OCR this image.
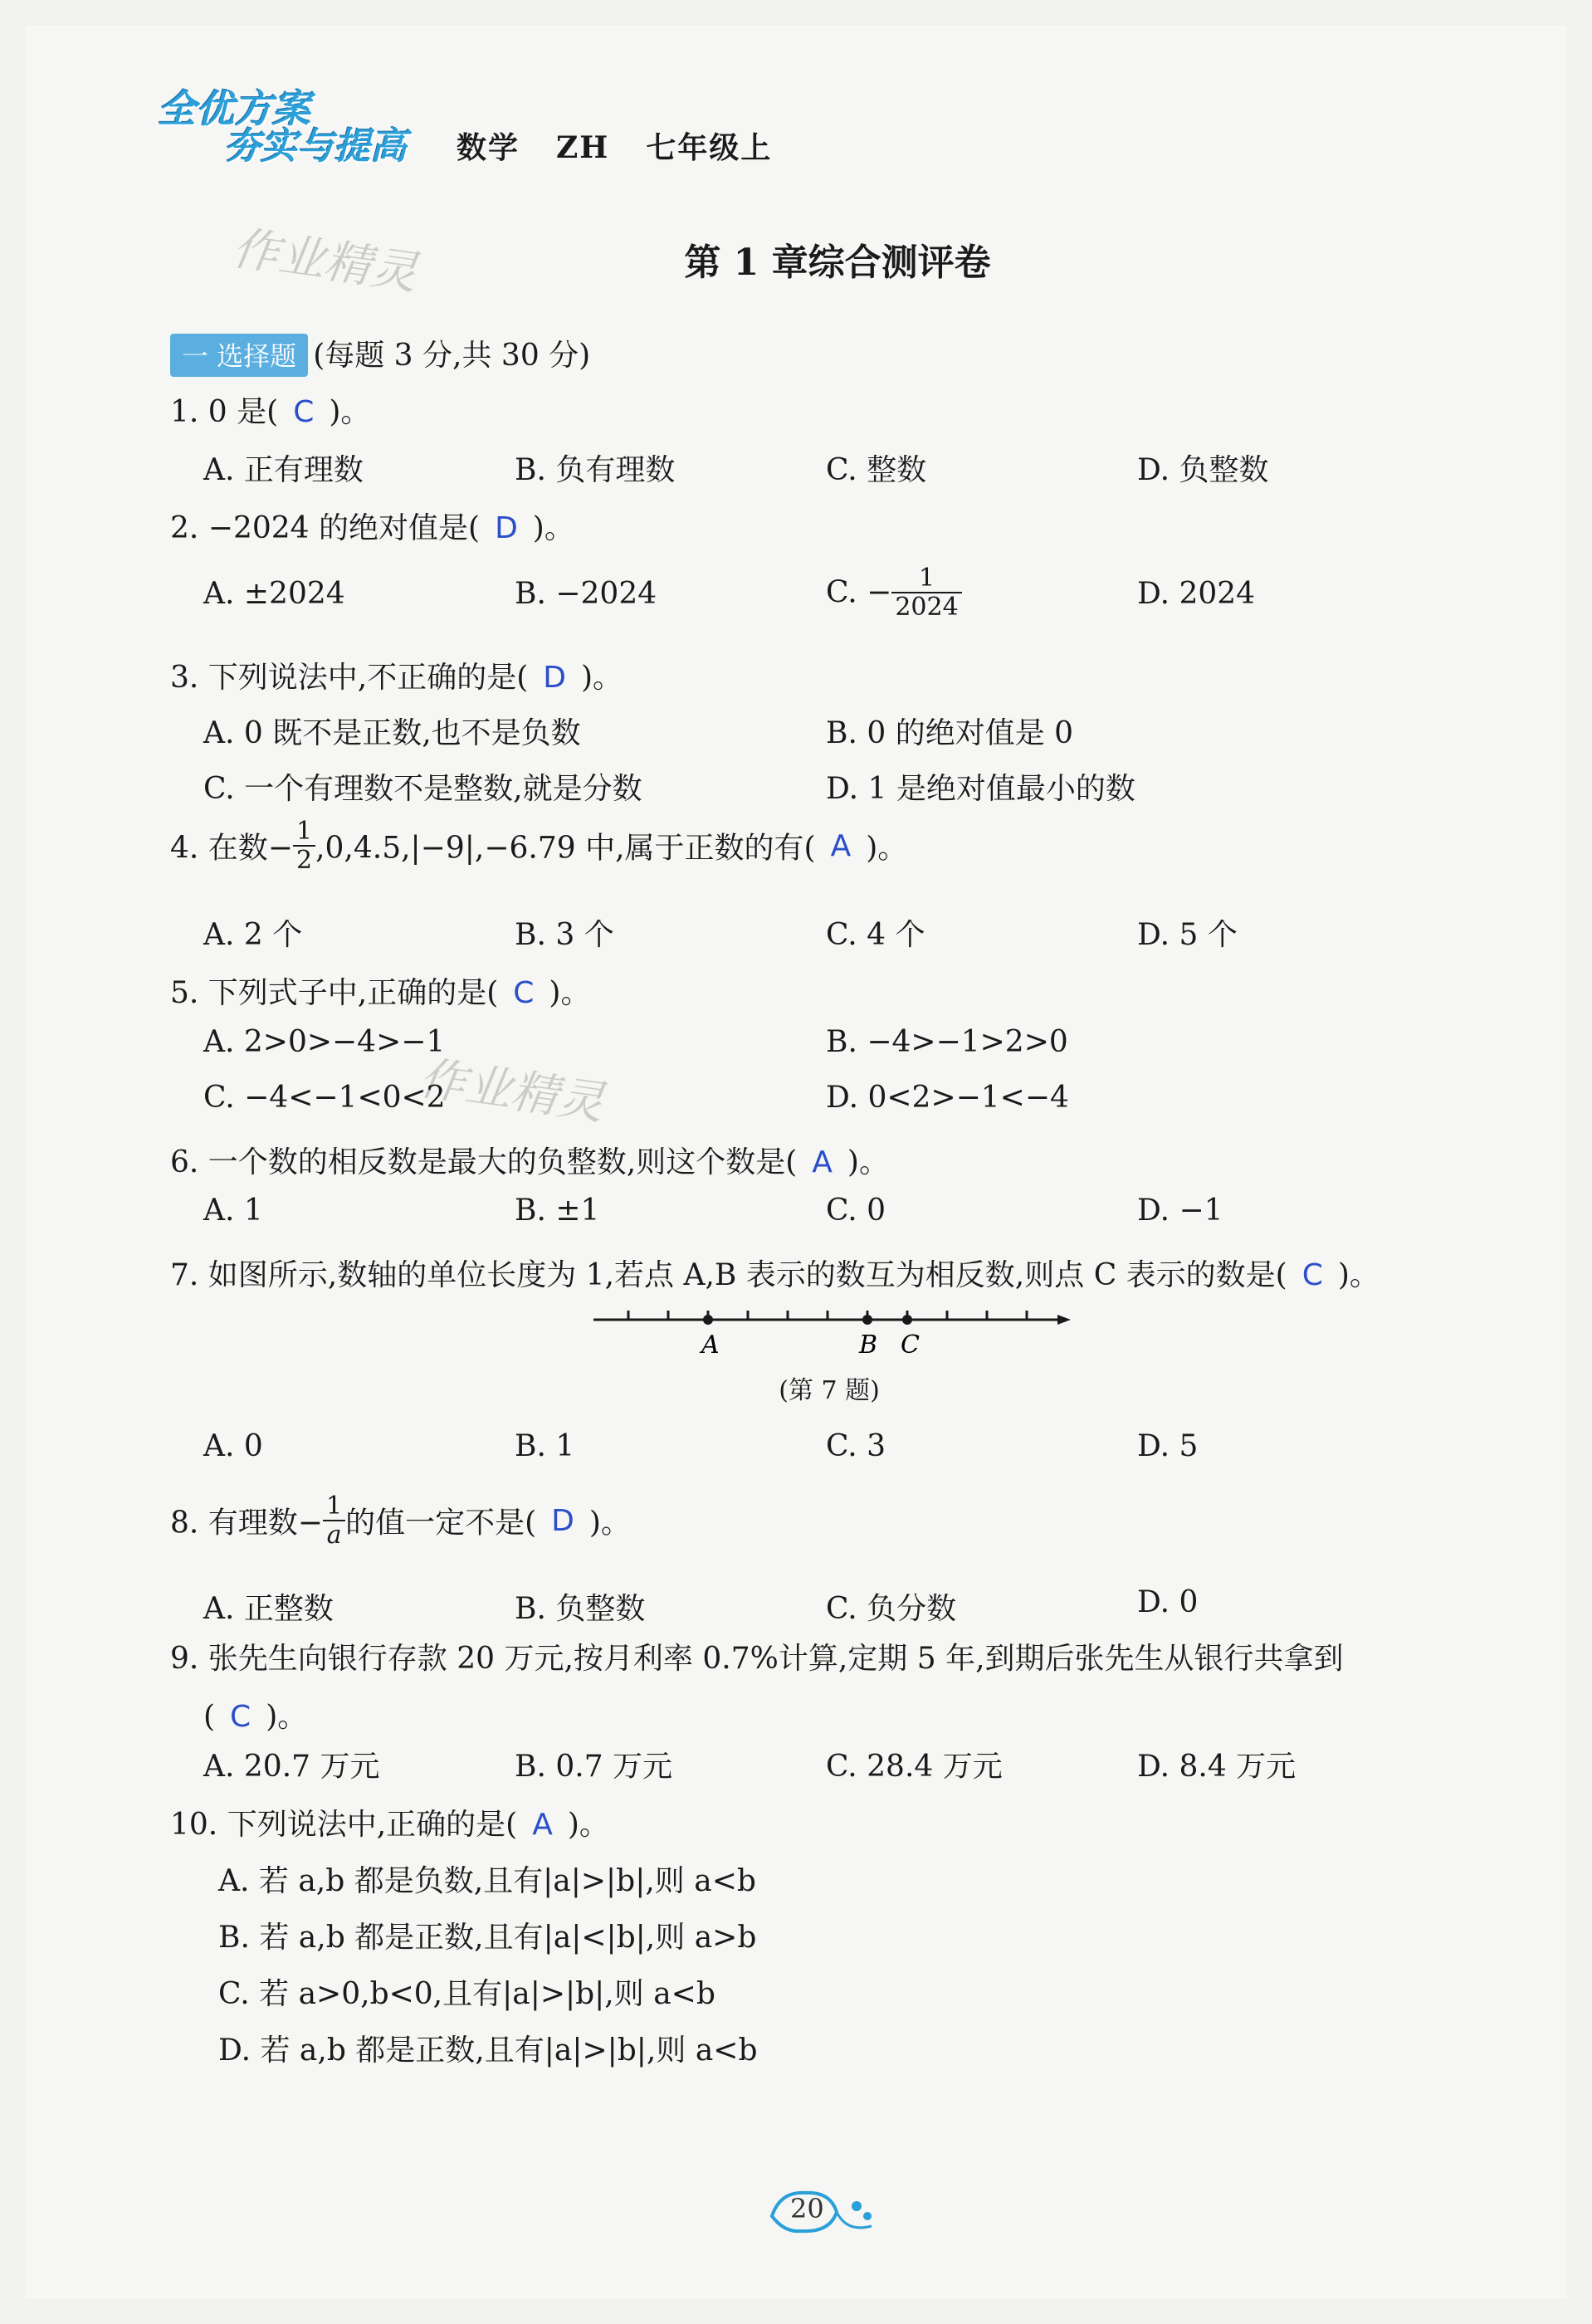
全优方案
夯实与提高 数学 ZH 七年级上
作业精灵
作业精灵
第 1 章综合测评卷
一 选择题 (每题 3 分,共 30 分)
1. 0 是( C )。
A. 正有理数	B. 负有理数	C. 整数	D. 负整数
2. −2024 的绝对值是( D )。
A. ±2024	B. −2024	C. − $\frac{1}{2024}$	D. 2024
3. 下列说法中,不正确的是( D )。
A. 0 既不是正数,也不是负数	B. 0 的绝对值是 0
C. 一个有理数不是整数,就是分数	D. 1 是绝对值最小的数
4. 在数− $\frac{1}{2} ,0,4.5,|-9|,-6.79$ 中,属于正数的有( A )。
A. 2 个	B. 3 个	C. 4 个	D. 5 个
5. 下列式子中,正确的是( C )。
A. 2>0>−4>−1	B. −4>−1>2>0
C. −4<−1<0<2	D. 0<2>−1<−4
6. 一个数的相反数是最大的负整数,则这个数是( A )。
A. 1	B. ±1	C. 0	D. −1
7. 如图所示,数轴的单位长度为 1,若点 A,B 表示的数互为相反数,则点 C 表示的数是( C )。
A	B C
(第 7 题)
A. 0	B. 1	C. 3	D. 5
8. 有理数− $\frac{1}{a}$ 的值一定不是( D )。
A. 正整数	B. 负整数	C. 负分数	D. 0
9. 张先生向银行存款 20 万元,按月利率 0.7%计算,定期 5 年,到期后张先生从银行共拿到
( C )。
A. 20.7 万元	B. 0.7 万元	C. 28.4 万元	D. 8.4 万元
10. 下列说法中,正确的是( A )。
A. 若 a,b 都是负数,且有|a|>|b|,则 a<b
B. 若 a,b 都是正数,且有|a|<|b|,则 a>b
C. 若 a>0,b<0,且有|a|>|b|,则 a<b
D. 若 a,b 都是正数,且有|a|>|b|,则 a<b
20
